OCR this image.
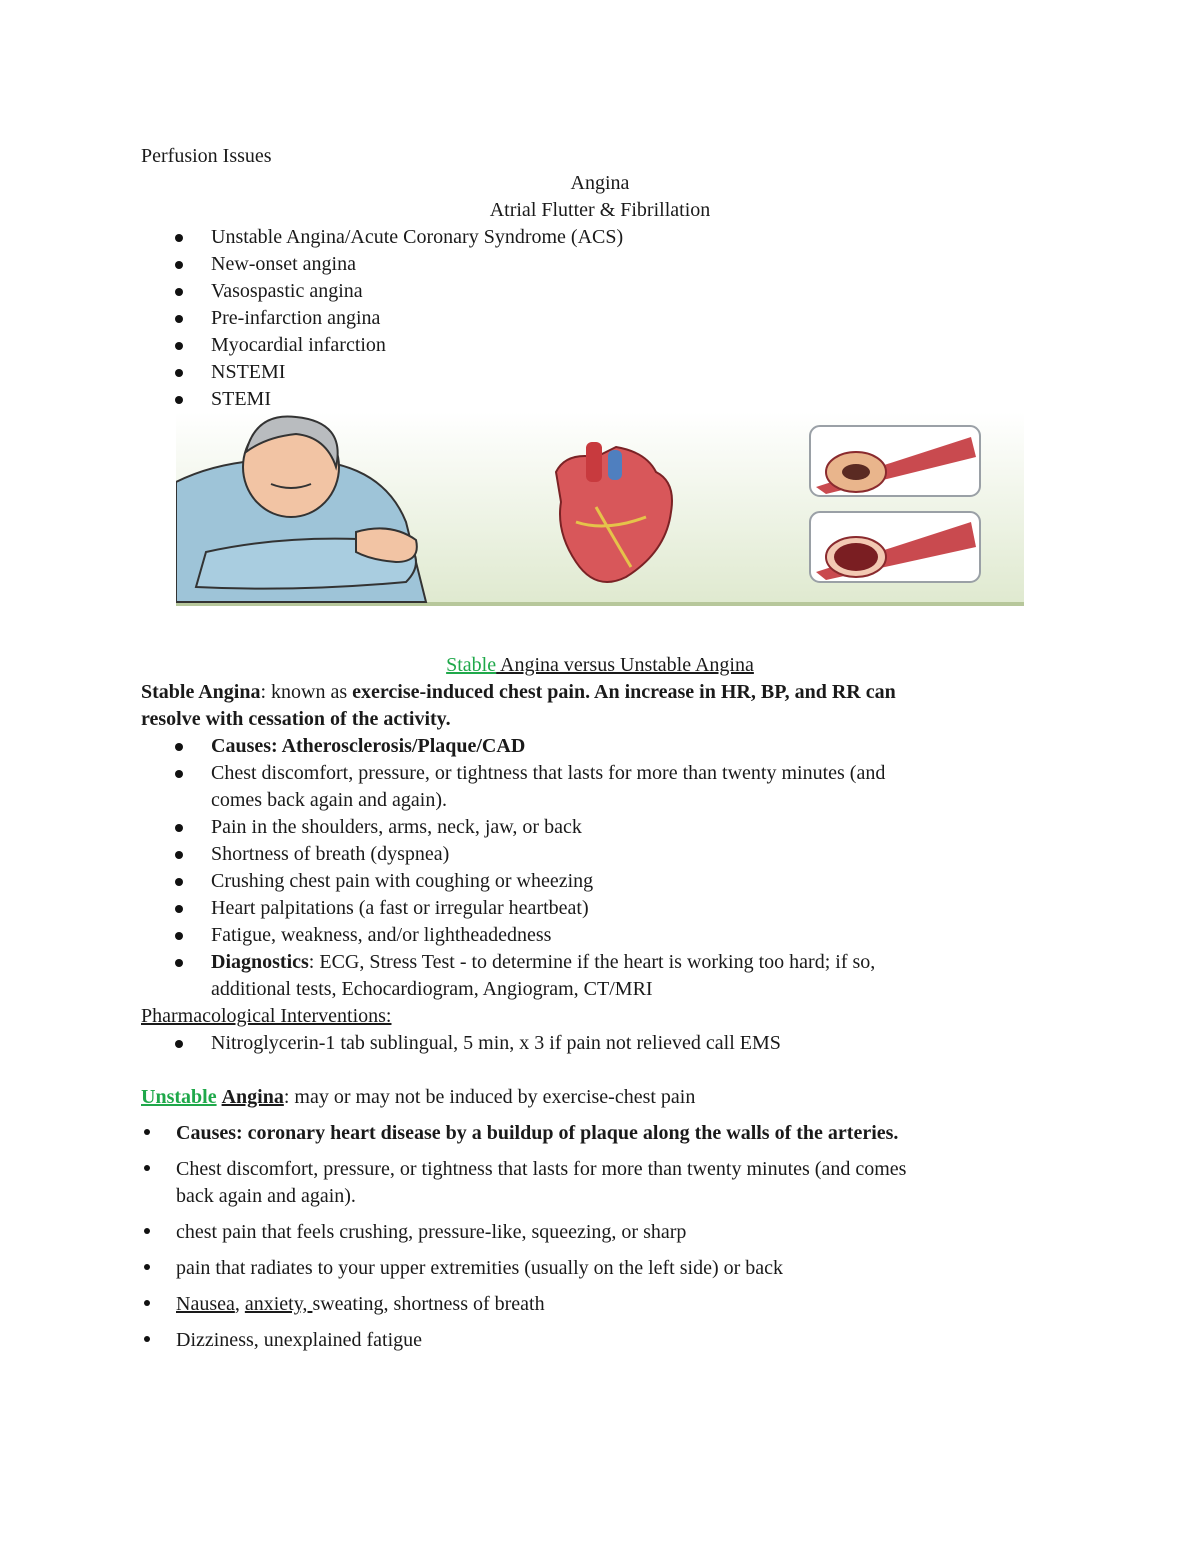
Perfusion Issues
Angina
Atrial Flutter & Fibrillation
Unstable Angina/Acute Coronary Syndrome (ACS)
New-onset angina
Vasospastic angina
Pre-infarction angina
Myocardial infarction
NSTEMI
STEMI
Stable Angina versus Unstable Angina
Stable Angina: known as exercise-induced chest pain. An increase in HR, BP, and RR can
resolve with cessation of the activity.
Causes: Atherosclerosis/Plaque/CAD
Chest discomfort, pressure, or tightness that lasts for more than twenty minutes (and
comes back again and again).
Pain in the shoulders, arms, neck, jaw, or back
Shortness of breath (dyspnea)
Crushing chest pain with coughing or wheezing
Heart palpitations (a fast or irregular heartbeat)
Fatigue, weakness, and/or lightheadedness
Diagnostics: ECG, Stress Test - to determine if the heart is working too hard; if so,
additional tests, Echocardiogram, Angiogram, CT/MRI
Pharmacological Interventions:
Nitroglycerin-1 tab sublingual, 5 min, x 3 if pain not relieved call EMS
Unstable Angina: may or may not be induced by exercise-chest pain
Causes: coronary heart disease by a buildup of plaque along the walls of the arteries.
Chest discomfort, pressure, or tightness that lasts for more than twenty minutes (and comes
back again and again).
chest pain that feels crushing, pressure-like, squeezing, or sharp
pain that radiates to your upper extremities (usually on the left side) or back
Nausea, anxiety, sweating, shortness of breath
Dizziness, unexplained fatigue
